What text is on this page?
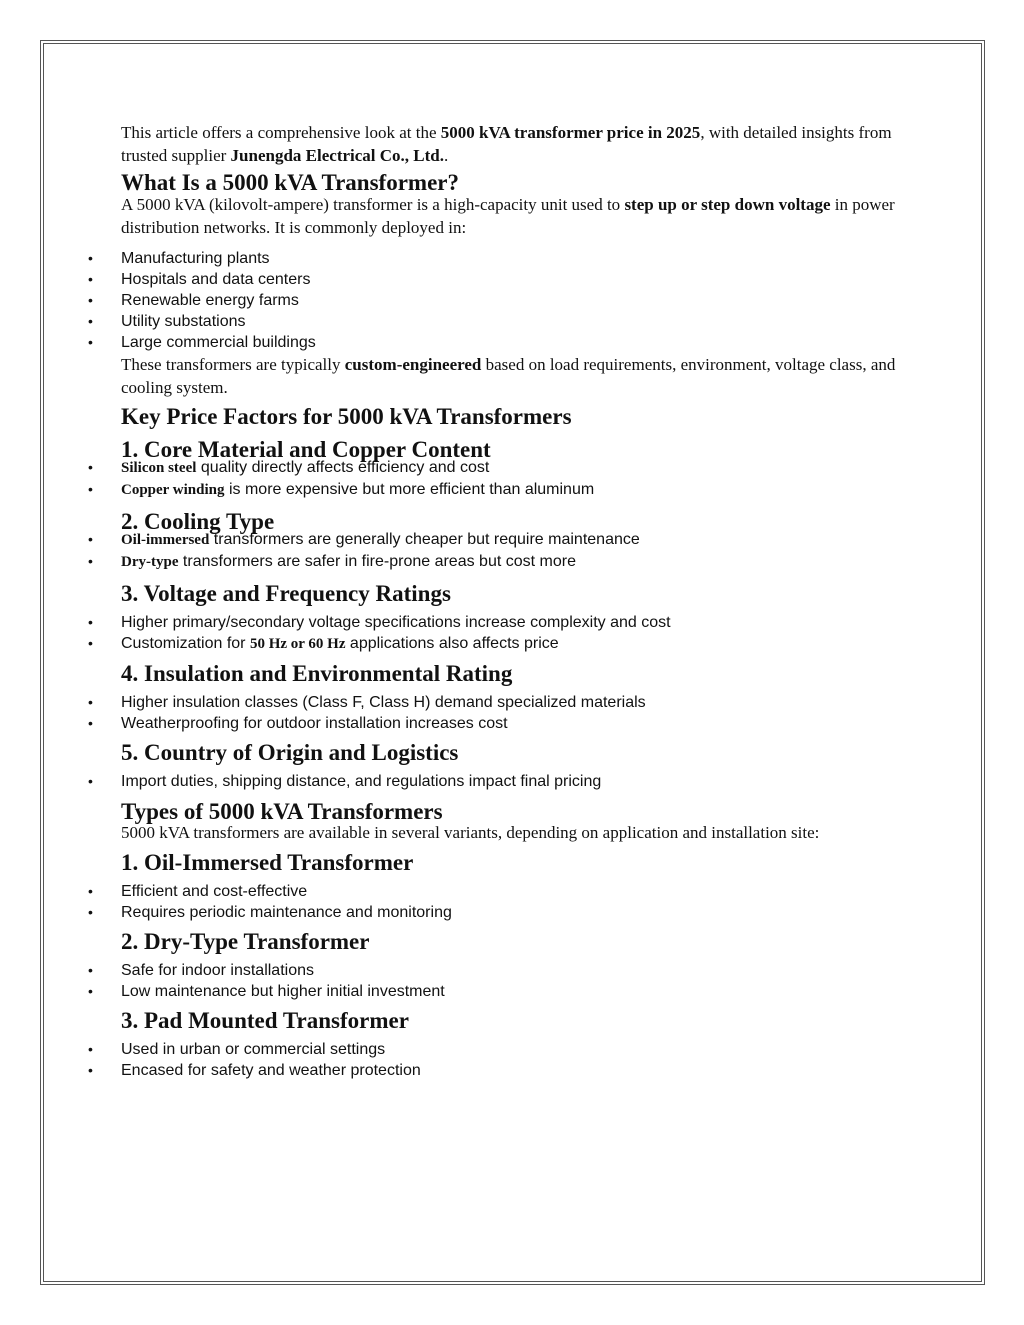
This article offers a comprehensive look at the 5000 kVA transformer price in 2025, with detailed insights from trusted supplier Junengda Electrical Co., Ltd..

What Is a 5000 kVA Transformer?

A 5000 kVA (kilovolt-ampere) transformer is a high-capacity unit used to step up or step down voltage in power distribution networks. It is commonly deployed in:

• Manufacturing plants
• Hospitals and data centers
• Renewable energy farms
• Utility substations
• Large commercial buildings

These transformers are typically custom-engineered based on load requirements, environment, voltage class, and cooling system.

Key Price Factors for 5000 kVA Transformers
1. Core Material and Copper Content
• Silicon steel quality directly affects efficiency and cost
• Copper winding is more expensive but more efficient than aluminum
2. Cooling Type
• Oil-immersed transformers are generally cheaper but require maintenance
• Dry-type transformers are safer in fire-prone areas but cost more
3. Voltage and Frequency Ratings
• Higher primary/secondary voltage specifications increase complexity and cost
• Customization for 50 Hz or 60 Hz applications also affects price
4. Insulation and Environmental Rating
• Higher insulation classes (Class F, Class H) demand specialized materials
• Weatherproofing for outdoor installation increases cost
5. Country of Origin and Logistics
• Import duties, shipping distance, and regulations impact final pricing
Types of 5000 kVA Transformers

5000 kVA transformers are available in several variants, depending on application and installation site:

1. Oil-Immersed Transformer
• Efficient and cost-effective
• Requires periodic maintenance and monitoring
2. Dry-Type Transformer
• Safe for indoor installations
• Low maintenance but higher initial investment
3. Pad Mounted Transformer
• Used in urban or commercial settings
• Encased for safety and weather protection
